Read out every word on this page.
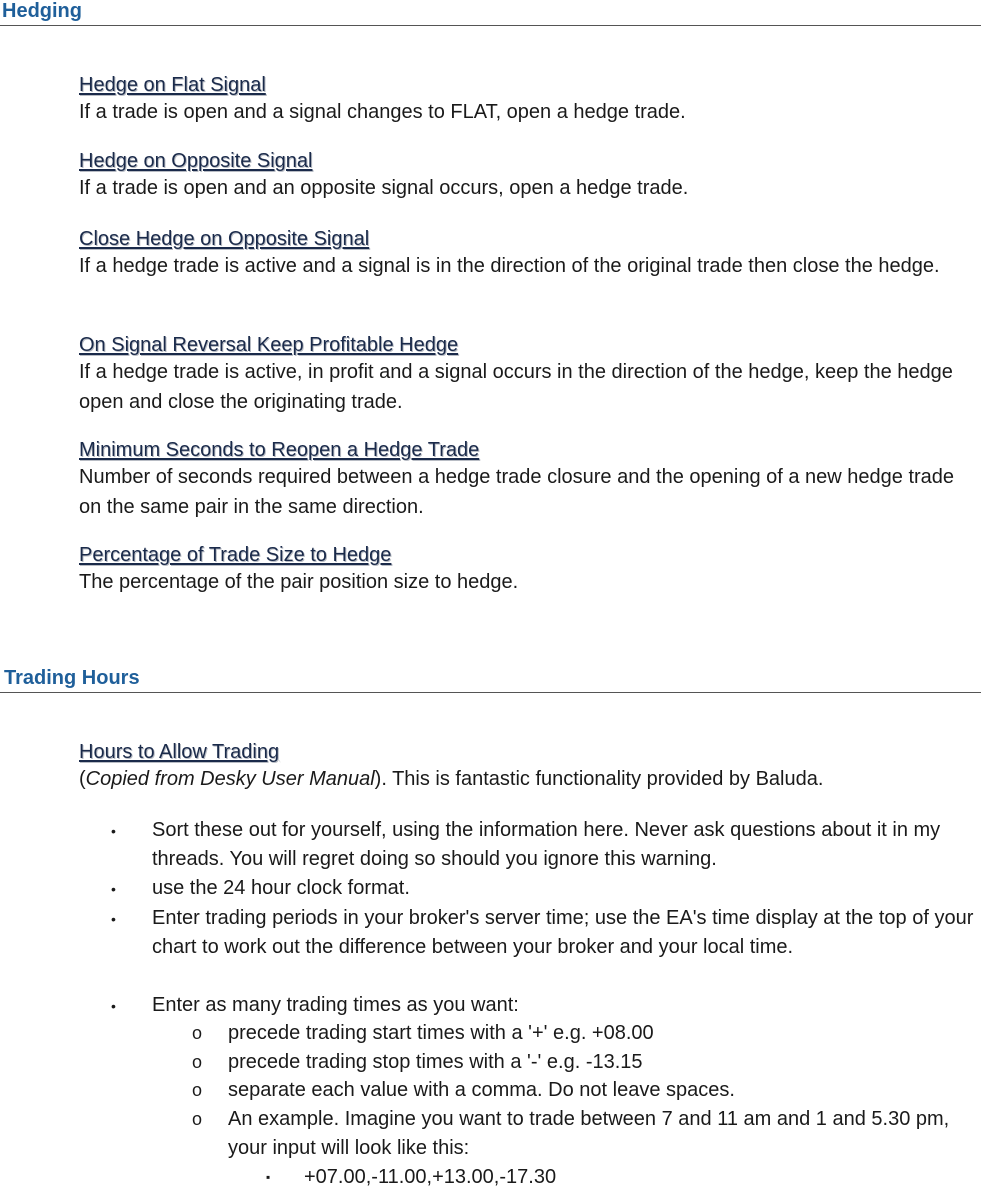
Hedging
Hedge on Flat Signal

If a trade is open and a signal changes to FLAT, open a hedge trade.

Hedge on Opposite Signal

If a trade is open and an opposite signal occurs, open a hedge trade.

Close Hedge on Opposite Signal

If a hedge trade is active and a signal is in the direction of the original trade then close the hedge.

On Signal Reversal Keep Profitable Hedge

If a hedge trade is active, in profit and a signal occurs in the direction of the hedge, keep the hedge open and close the originating trade.

Minimum Seconds to Reopen a Hedge Trade

Number of seconds required between a hedge trade closure and the opening of a new hedge trade on the same pair in the same direction.

Percentage of Trade Size to Hedge

The percentage of the pair position size to hedge.

Trading Hours
Hours to Allow Trading

(Copied from Desky User Manual). This is fantastic functionality provided by Baluda.

• Sort these out for yourself, using the information here. Never ask questions about it in my threads. You will regret doing so should you ignore this warning.
• use the 24 hour clock format.
• Enter trading periods in your broker's server time; use the EA's time display at the top of your chart to work out the difference between your broker and your local time.
• Enter as many trading times as you want:
o precede trading start times with a '+' e.g. +08.00
o precede trading stop times with a '-' e.g. -13.15
o separate each value with a comma. Do not leave spaces.
o An example. Imagine you want to trade between 7 and 11 am and 1 and 5.30 pm, your input will look like this:
▪ +07.00,-11.00,+13.00,-17.30
